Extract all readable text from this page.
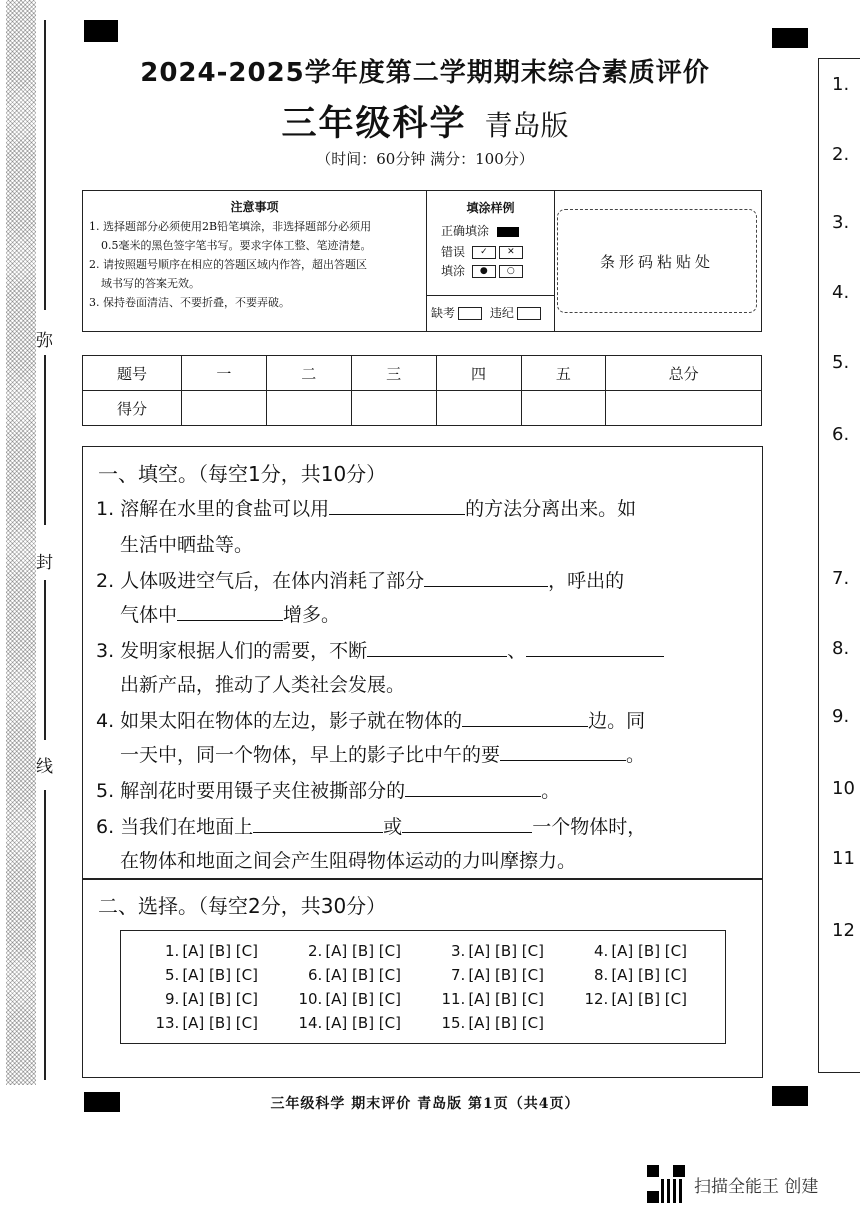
弥
封
线
2024-2025学年度第二学期期末综合素质评价
三年级科学 青岛版
（时间：60分钟 满分：100分）
注意事项
1. 选择题部分必须使用2B铅笔填涂，非选择题部分必须用
0.5毫米的黑色签字笔书写。要求字体工整、笔迹清楚。
2. 请按照题号顺序在相应的答题区域内作答，超出答题区
域书写的答案无效。
3. 保持卷面清洁、不要折叠，不要弄破。
填涂样例
正确填涂
错误 ✓ ✕
填涂 ● ○
缺考	违纪
条形码粘贴处
题号	一	二	三	四	五	总分
得分						
一、填空。（每空1分，共10分）
1. 溶解在水里的食盐可以用	的方法分离出来。如
生活中晒盐等。
2. 人体吸进空气后，在体内消耗了部分	，呼出的
气体中	增多。
3. 发明家根据人们的需要，不断	、
出新产品，推动了人类社会发展。
4. 如果太阳在物体的左边，影子就在物体的	边。同
一天中，同一个物体，早上的影子比中午的要	。
5. 解剖花时要用镊子夹住被撕部分的	。
6. 当我们在地面上	或	一个物体时，
在物体和地面之间会产生阻碍物体运动的力叫摩擦力。
二、选择。（每空2分，共30分）
1. [A] [B] [C]	2. [A] [B] [C]	3. [A] [B] [C]	4. [A] [B] [C]
5. [A] [B] [C]	6. [A] [B] [C]	7. [A] [B] [C]	8. [A] [B] [C]
9. [A] [B] [C]	10. [A] [B] [C]	11. [A] [B] [C]	12. [A] [B] [C]
13. [A] [B] [C]	14. [A] [B] [C]	15. [A] [B] [C]
三年级科学 期末评价 青岛版 第1页（共4页）
1.
2.
3.
4.
5.
6.
7.
8.
9.
10
11
12
扫描全能王 创建
